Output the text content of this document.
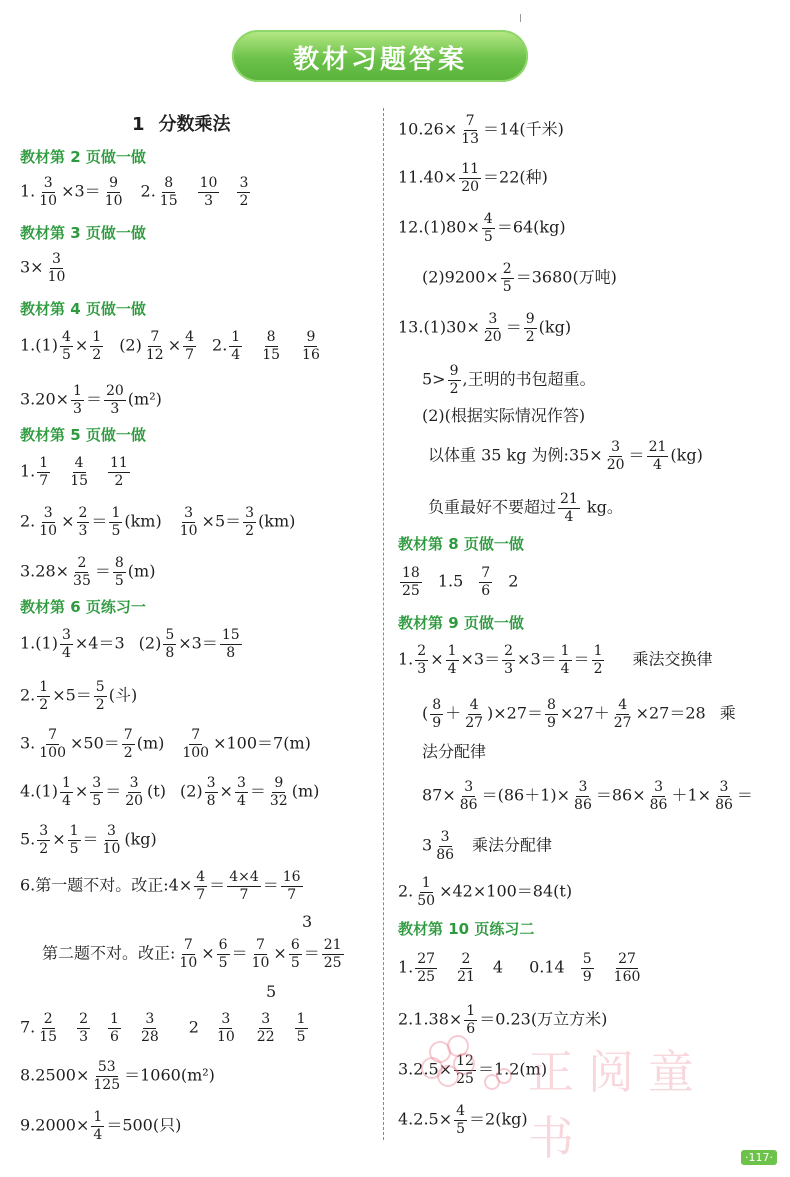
教材习题答案
1 分数乘法
教材第 2 页做一做
1. $\frac{3}{10} \times 3= \frac{9}{10} 2$. $\frac{8}{15} \frac{10}{3} \frac{3}{2}$
教材第 3 页做一做
$3\times \frac{3}{10}$
教材第 4 页做一做
$1.(1) \frac{4}{5} \times \frac{1}{2} (2) \frac{7}{12} \times \frac{4}{7} 2$. $\frac{1}{4} \frac{8}{15} \frac{9}{16}$
$3.20\times \frac{1}{3} = \frac{20}{3} (m^2)$
教材第 5 页做一做
1. $\frac{1}{7} \frac{4}{15} \frac{11}{2}$
2. $\frac{3}{10} \times \frac{2}{3} = \frac{1}{5} (km) \frac{3}{10} \times 5= \frac{3}{2} (km)$
$3.28\times \frac{2}{35} = \frac{8}{5} (m)$
教材第 6 页练习一
$1.(1) \frac{3}{4} \times 4=3$ $(2) \frac{5}{8} \times 3= \frac{15}{8}$
2. $\frac{1}{2} \times 5= \frac{5}{2}$ (斗)
3. $\frac{7}{100} \times 50= \frac{7}{2} (m) \frac{7}{100} \times 100=7(m)$
$4.(1) \frac{1}{4} \times \frac{3}{5} = \frac{3}{20} (t)$ $(2) \frac{3}{8} \times \frac{3}{4} = \frac{9}{32} (m)$
5. $\frac{3}{2} \times \frac{1}{5} = \frac{3}{10} (kg)$
6.第一题不对。改正:4× $\frac{4}{7} = \frac{4\times 4}{7} = \frac{16}{7}$
第二题不对。改正: $\frac{7}{10} \times \frac{6}{5} = \frac{7}{10} \times \frac{6}{5} = \frac{21}{25}$
3
5
7. $\frac{2}{15} \frac{2}{3} \frac{1}{6} \frac{3}{28} 2 \frac{3}{10} \frac{3}{22} \frac{1}{5}$
$8.2500\times \frac{53}{125} =1060(m^2)$
$9.2000\times \frac{1}{4} =500$(只)
$10.26\times \frac{7}{13} =14$(千米)
$11.40\times \frac{11}{20} =22$(种)
$12.(1)80\times \frac{4}{5} =64(kg)$
$(2)9200\times \frac{2}{5} =3680$(万吨)
$13.(1)30\times \frac{3}{20} = \frac{9}{2} (kg)$
$5> \frac{9}{2}$ ,王明的书包超重。
(2)(根据实际情况作答)
以体重 35 kg 为例:35× $\frac{3}{20} = \frac{21}{4} (kg)$
负重最好不要超过 $\frac{21}{4}$ kg。
教材第 8 页做一做
$\frac{18}{25} 1.5 \frac{7}{6} 2$
教材第 9 页做一做
1. $\frac{2}{3} \times \frac{1}{4} \times 3= \frac{2}{3} \times 3= \frac{1}{4} = \frac{1}{2}$ 乘法交换律
( $\frac{8}{9} + \frac{4}{27} )\times 27= \frac{8}{9} \times 27+ \frac{4}{27} \times 27=28$ 乘
法分配律
$87\times \frac{3}{86} =(86+1)\times \frac{3}{86} =86\times \frac{3}{86} +1\times \frac{3}{86}$ ＝
$3 \frac{3}{86}$ 乘法分配律
2. $\frac{1}{50} \times 42\times 100=84(t)$
教材第 10 页练习二
1. $\frac{27}{25} \frac{2}{21} 4$ $0.14 \frac{5}{9} \frac{27}{160}$
$2.1.38\times \frac{1}{6} =0.23$(万立方米)
$3.2.5\times \frac{12}{25} =1.2(m)$
$4.2.5\times \frac{4}{5} =2(kg)$
正阅童书	·117·
